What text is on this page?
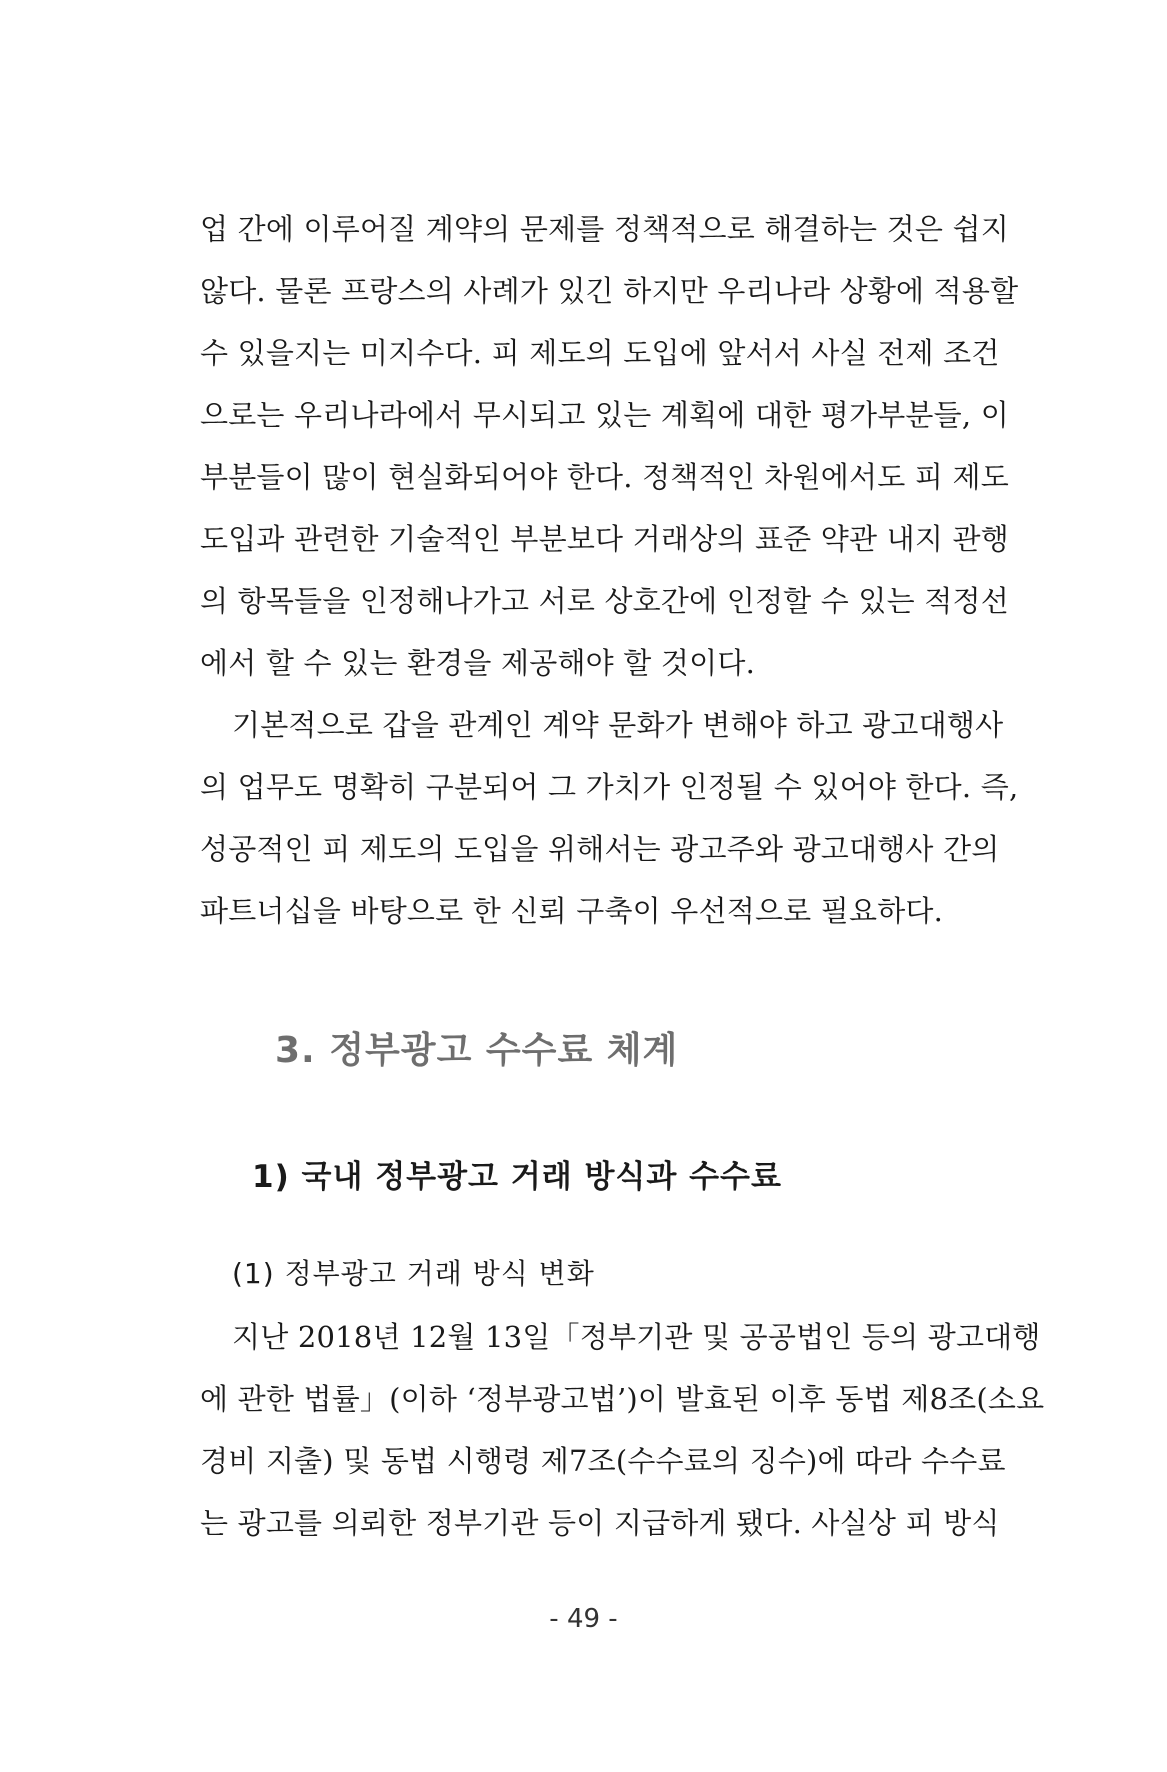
업 간에 이루어질 계약의 문제를 정책적으로 해결하는 것은 쉽지
않다. 물론 프랑스의 사례가 있긴 하지만 우리나라 상황에 적용할
수 있을지는 미지수다. 피 제도의 도입에 앞서서 사실 전제 조건
으로는 우리나라에서 무시되고 있는 계획에 대한 평가부분들, 이
부분들이 많이 현실화되어야 한다. 정책적인 차원에서도 피 제도
도입과 관련한 기술적인 부분보다 거래상의 표준 약관 내지 관행
의 항목들을 인정해나가고 서로 상호간에 인정할 수 있는 적정선
에서 할 수 있는 환경을 제공해야 할 것이다.
기본적으로 갑을 관계인 계약 문화가 변해야 하고 광고대행사
의 업무도 명확히 구분되어 그 가치가 인정될 수 있어야 한다. 즉,
성공적인 피 제도의 도입을 위해서는 광고주와 광고대행사 간의
파트너십을 바탕으로 한 신뢰 구축이 우선적으로 필요하다.
3. 정부광고 수수료 체계
1) 국내 정부광고 거래 방식과 수수료
(1) 정부광고 거래 방식 변화
지난 2018년 12월 13일「정부기관 및 공공법인 등의 광고대행
에 관한 법률」(이하 ‘정부광고법’)이 발효된 이후 동법 제8조(소요
경비 지출) 및 동법 시행령 제7조(수수료의 징수)에 따라 수수료
는 광고를 의뢰한 정부기관 등이 지급하게 됐다. 사실상 피 방식
- 49 -
